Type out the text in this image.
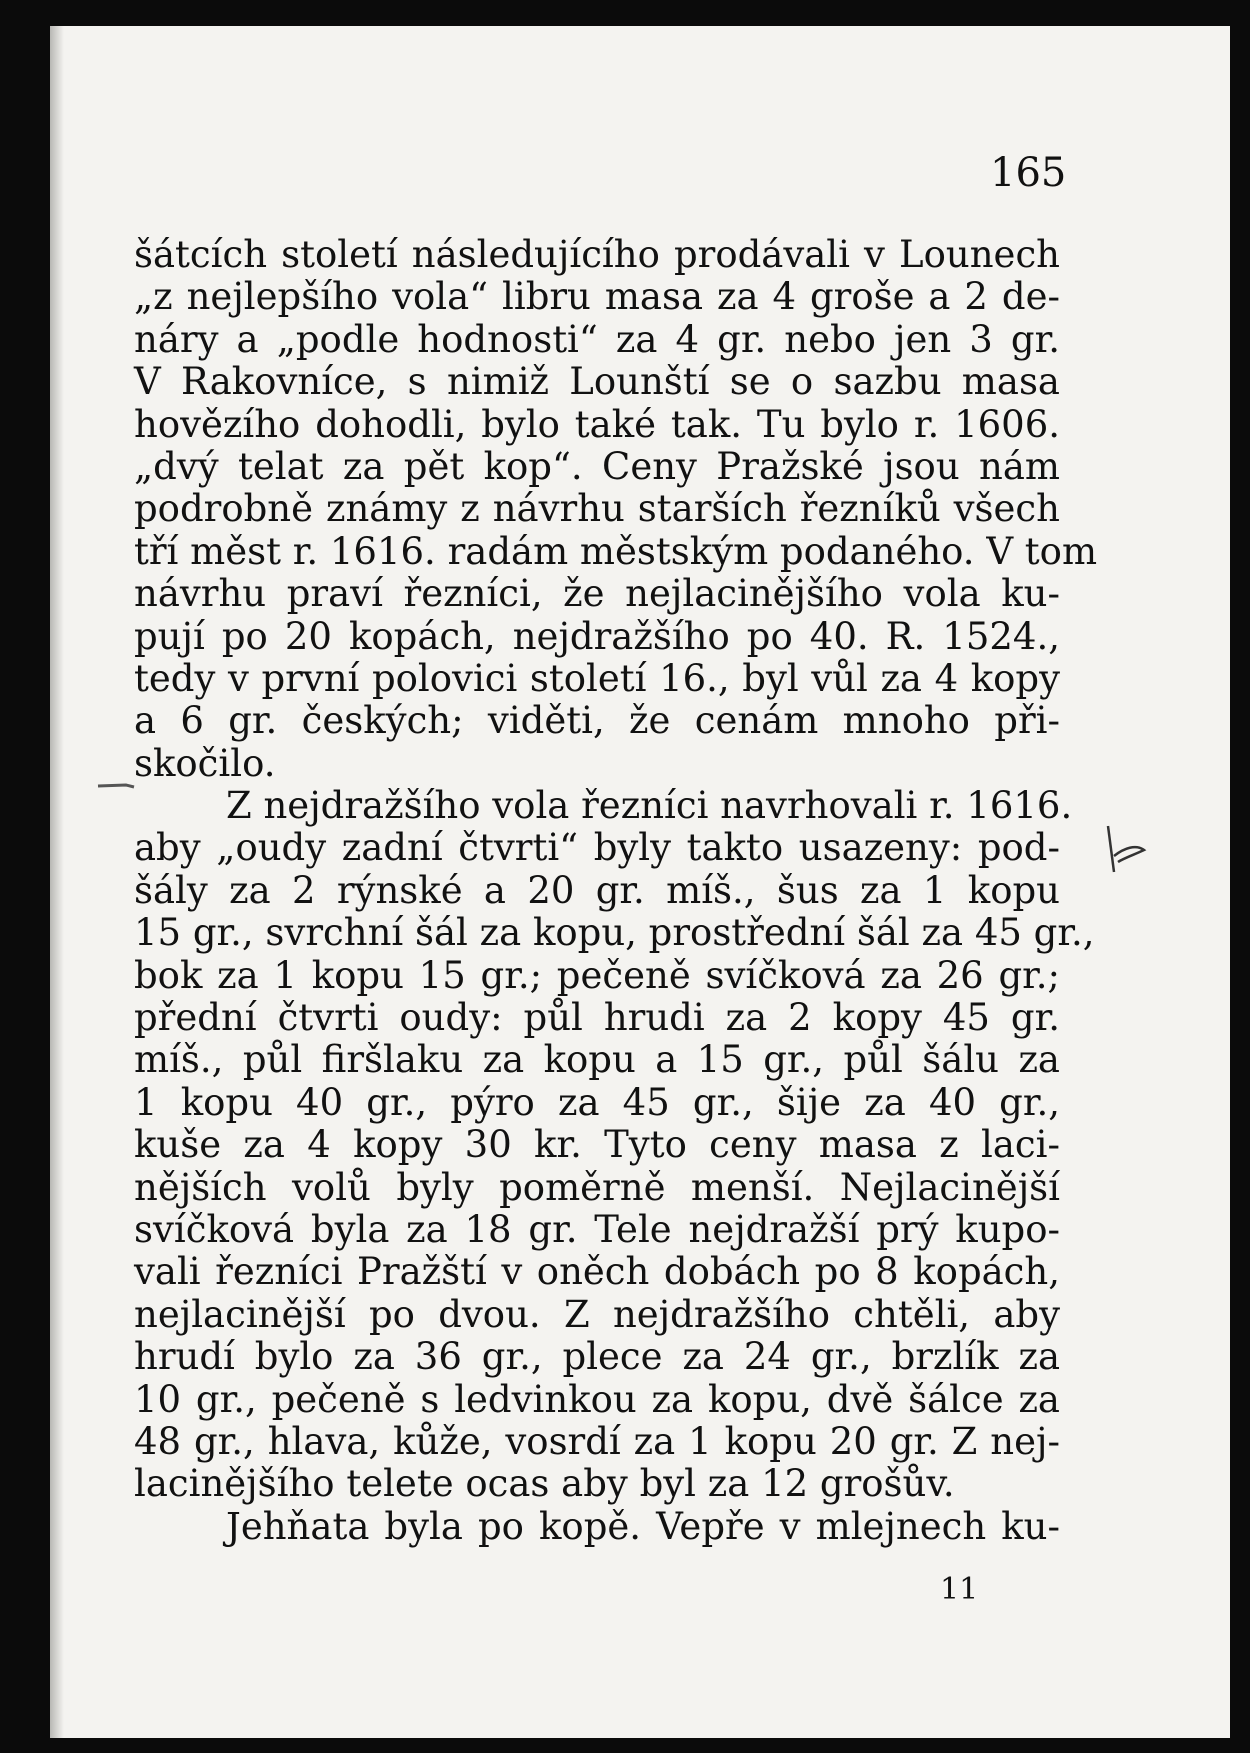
165
šátcích století následujícího prodávali v Lounech
„z nejlepšího vola“ libru masa za 4 groše a 2 de-
náry a „podle hodnosti“ za 4 gr. nebo jen 3 gr.
V Rakovníce, s nimiž Lounští se o sazbu masa
hovězího dohodli, bylo také tak. Tu bylo r. 1606.
„dvý telat za pět kop“. Ceny Pražské jsou nám
podrobně známy z návrhu starších řezníků všech
tří měst r. 1616. radám městským podaného. V tom
návrhu praví řezníci, že nejlacinějšího vola ku-
pují po 20 kopách, nejdražšího po 40. R. 1524.,
tedy v první polovici století 16., byl vůl za 4 kopy
a 6 gr. českých; viděti, že cenám mnoho při-
skočilo.
Z nejdražšího vola řezníci navrhovali r. 1616.
aby „oudy zadní čtvrti“ byly takto usazeny: pod-
šály za 2 rýnské a 20 gr. míš., šus za 1 kopu
15 gr., svrchní šál za kopu, prostřední šál za 45 gr.,
bok za 1 kopu 15 gr.; pečeně svíčková za 26 gr.;
přední čtvrti oudy: půl hrudi za 2 kopy 45 gr.
míš., půl firšlaku za kopu a 15 gr., půl šálu za
1 kopu 40 gr., pýro za 45 gr., šije za 40 gr.,
kuše za 4 kopy 30 kr. Tyto ceny masa z laci-
nějších volů byly poměrně menší. Nejlacinější
svíčková byla za 18 gr. Tele nejdražší prý kupo-
vali řezníci Pražští v oněch dobách po 8 kopách,
nejlacinější po dvou. Z nejdražšího chtěli, aby
hrudí bylo za 36 gr., plece za 24 gr., brzlík za
10 gr., pečeně s ledvinkou za kopu, dvě šálce za
48 gr., hlava, kůže, vosrdí za 1 kopu 20 gr. Z nej-
lacinějšího telete ocas aby byl za 12 grošův.
Jehňata byla po kopě. Vepře v mlejnech ku-
11
